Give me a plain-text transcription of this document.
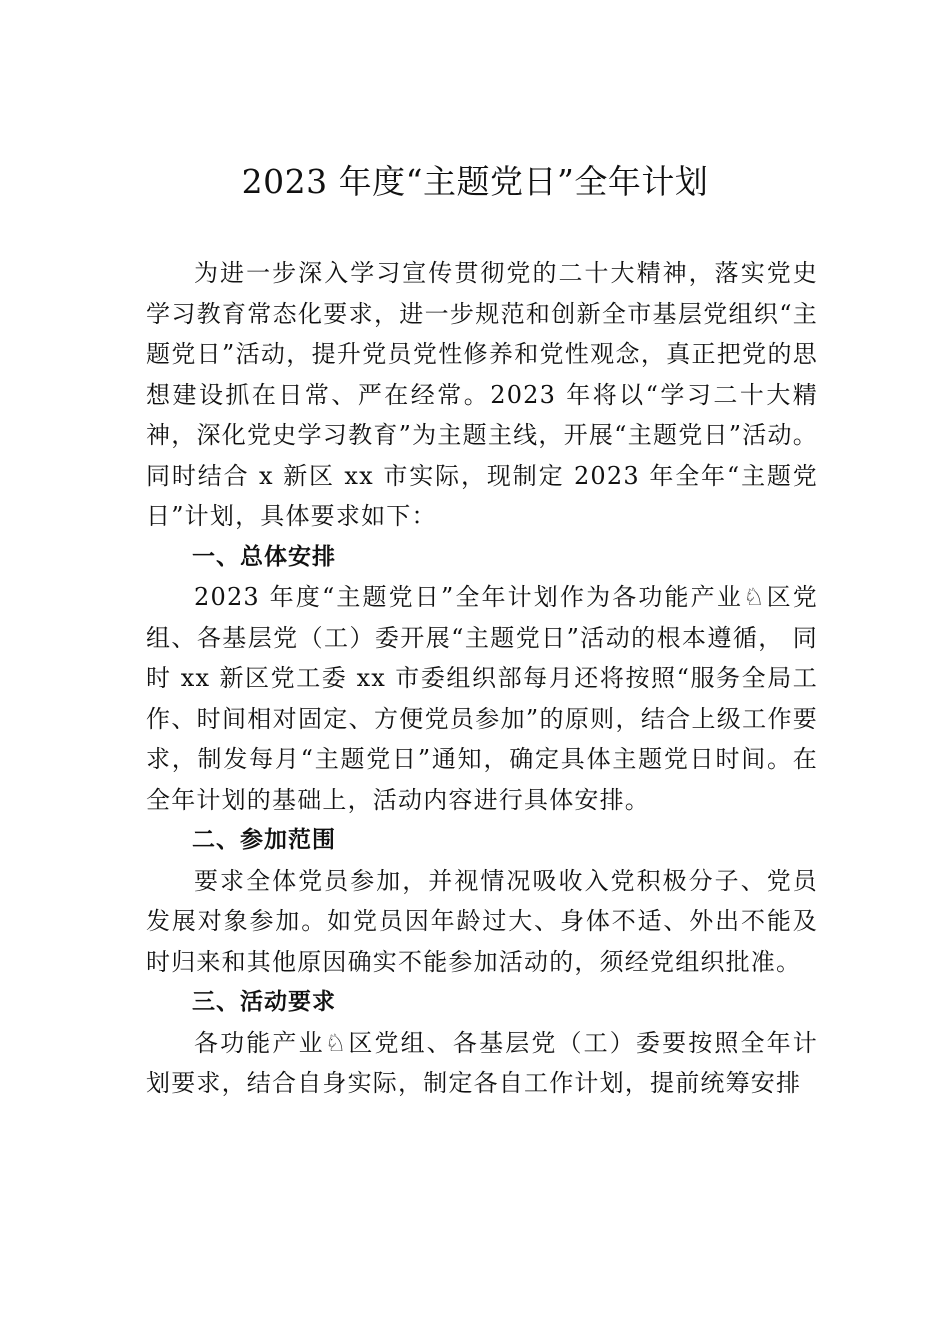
2023 年度“主题党日”全年计划

为进一步深入学习宣传贯彻党的二十大精神，落实党史学习教育常态化要求，进一步规范和创新全市基层党组织“主题党日”活动，提升党员党性修养和党性观念，真正把党的思想建设抓在日常、严在经常。2023 年将以“学习二十大精神，深化党史学习教育”为主题主线，开展“主题党日”活动。同时结合 x 新区 xx 市实际，现制定 2023 年全年“主题党日”计划，具体要求如下：

一、总体安排

2023 年度“主题党日”全年计划作为各功能产业♘区党组、各基层党（工）委开展“主题党日”活动的根本遵循， 同时 xx 新区党工委 xx 市委组织部每月还将按照“服务全局工作、时间相对固定、方便党员参加”的原则，结合上级工作要求，制发每月“主题党日”通知，确定具体主题党日时间。在全年计划的基础上，活动内容进行具体安排。

二、参加范围

要求全体党员参加，并视情况吸收入党积极分子、党员发展对象参加。如党员因年龄过大、身体不适、外出不能及时归来和其他原因确实不能参加活动的，须经党组织批准。

三、活动要求

各功能产业♘区党组、各基层党（工）委要按照全年计划要求，结合自身实际，制定各自工作计划，提前统筹安排
